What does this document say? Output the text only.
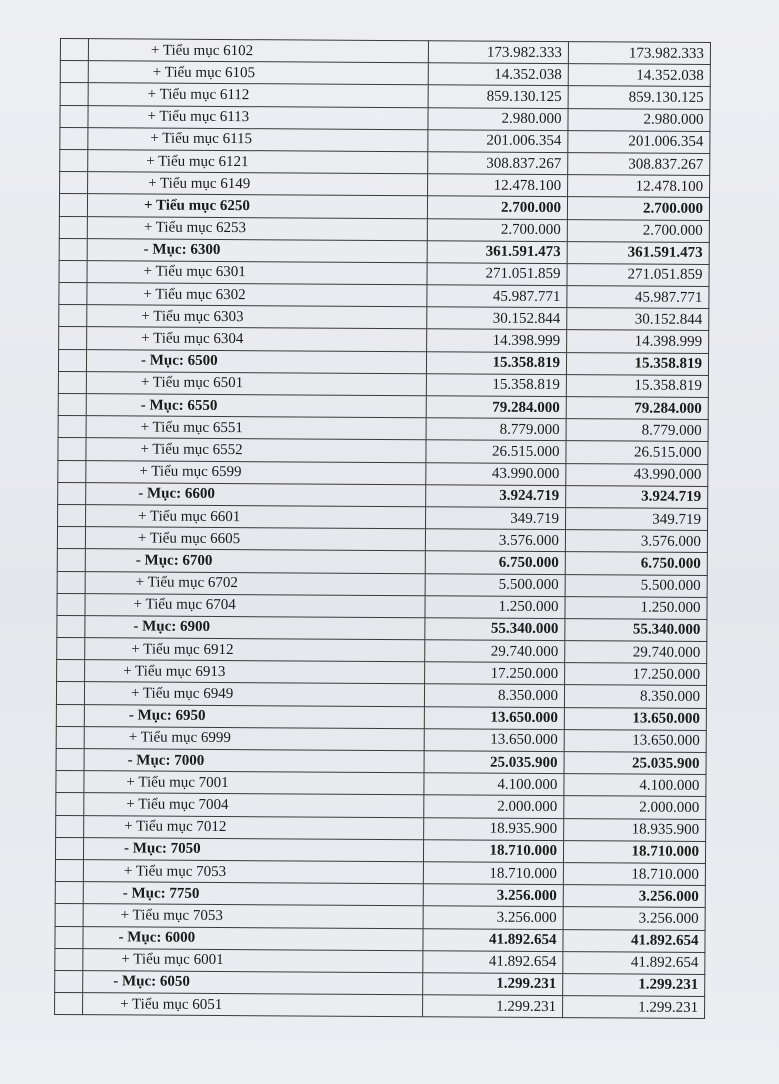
	+ Tiểu mục 6102	173.982.333	173.982.333
	+ Tiểu mục 6105	14.352.038	14.352.038
	+ Tiểu mục 6112	859.130.125	859.130.125
	+ Tiểu mục 6113	2.980.000	2.980.000
	+ Tiểu mục 6115	201.006.354	201.006.354
	+ Tiểu mục 6121	308.837.267	308.837.267
	+ Tiểu mục 6149	12.478.100	12.478.100
	+ Tiểu mục 6250	2.700.000	2.700.000
	+ Tiểu mục 6253	2.700.000	2.700.000
	- Mục: 6300	361.591.473	361.591.473
	+ Tiểu mục 6301	271.051.859	271.051.859
	+ Tiểu mục 6302	45.987.771	45.987.771
	+ Tiểu mục 6303	30.152.844	30.152.844
	+ Tiểu mục 6304	14.398.999	14.398.999
	- Mục: 6500	15.358.819	15.358.819
	+ Tiểu mục 6501	15.358.819	15.358.819
	- Mục: 6550	79.284.000	79.284.000
	+ Tiểu mục 6551	8.779.000	8.779.000
	+ Tiểu mục 6552	26.515.000	26.515.000
	+ Tiểu mục 6599	43.990.000	43.990.000
	- Mục: 6600	3.924.719	3.924.719
	+ Tiểu mục 6601	349.719	349.719
	+ Tiểu mục 6605	3.576.000	3.576.000
	- Mục: 6700	6.750.000	6.750.000
	+ Tiểu mục 6702	5.500.000	5.500.000
	+ Tiểu mục 6704	1.250.000	1.250.000
	- Mục: 6900	55.340.000	55.340.000
	+ Tiểu mục 6912	29.740.000	29.740.000
	+ Tiểu mục 6913	17.250.000	17.250.000
	+ Tiểu mục 6949	8.350.000	8.350.000
	- Mục: 6950	13.650.000	13.650.000
	+ Tiểu mục 6999	13.650.000	13.650.000
	- Mục: 7000	25.035.900	25.035.900
	+ Tiểu mục 7001	4.100.000	4.100.000
	+ Tiểu mục 7004	2.000.000	2.000.000
	+ Tiểu mục 7012	18.935.900	18.935.900
	- Mục: 7050	18.710.000	18.710.000
	+ Tiểu mục 7053	18.710.000	18.710.000
	- Mục: 7750	3.256.000	3.256.000
	+ Tiểu mục 7053	3.256.000	3.256.000
	- Mục: 6000	41.892.654	41.892.654
	+ Tiểu mục 6001	41.892.654	41.892.654
	- Mục: 6050	1.299.231	1.299.231
	+ Tiểu mục 6051	1.299.231	1.299.231
